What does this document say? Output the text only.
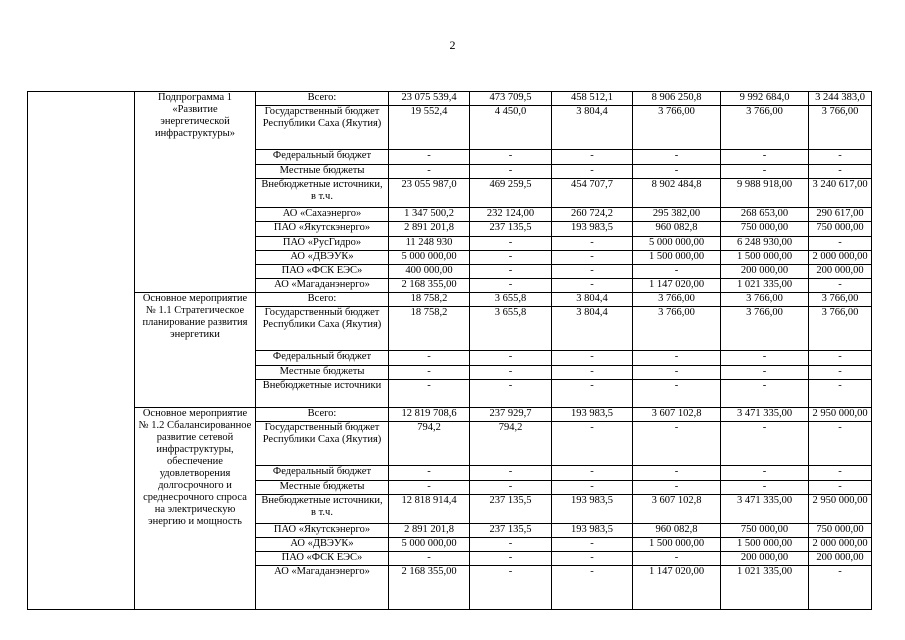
2
	Подпрограмма 1 «Развитие энергетической инфраструктуры»	Всего:	23 075 539,4	473 709,5	458 512,1	8 906 250,8	9 992 684,0	3 244 383,0
		Государственный бюджет Республики Саха (Якутия)	19 552,4	4 450,0	3 804,4	3 766,00	3 766,00	3 766,00
		Федеральный бюджет	-	-	-	-	-	-
		Местные бюджеты	-	-	-	-	-	-
		Внебюджетные источники, в т.ч.	23 055 987,0	469 259,5	454 707,7	8 902 484,8	9 988 918,00	3 240 617,00
		АО «Сахаэнерго»	1 347 500,2	232 124,00	260 724,2	295 382,00	268 653,00	290 617,00
		ПАО «Якутскэнерго»	2 891 201,8	237 135,5	193 983,5	960 082,8	750 000,00	750 000,00
		ПАО «РусГидро»	11 248 930	-	-	5 000 000,00	6 248 930,00	-
		АО «ДВЭУК»	5 000 000,00	-	-	1 500 000,00	1 500 000,00	2 000 000,00
		ПАО «ФСК ЕЭС»	400 000,00	-	-	-	200 000,00	200 000,00
		АО «Магаданэнерго»	2 168 355,00	-	-	1 147 020,00	1 021 335,00	-
	Основное мероприятие № 1.1 Стратегическое планирование развития энергетики	Всего:	18 758,2	3 655,8	3 804,4	3 766,00	3 766,00	3 766,00
		Государственный бюджет Республики Саха (Якутия)	18 758,2	3 655,8	3 804,4	3 766,00	3 766,00	3 766,00
		Федеральный бюджет	-	-	-	-	-	-
		Местные бюджеты	-	-	-	-	-	-
		Внебюджетные источники	-	-	-	-	-	-
	Основное мероприятие № 1.2 Сбалансированное развитие сетевой инфраструктуры, обеспечение удовлетворения долгосрочного и среднесрочного спроса на электрическую энергию и мощность	Всего:	12 819 708,6	237 929,7	193 983,5	3 607 102,8	3 471 335,00	2 950 000,00
		Государственный бюджет Республики Саха (Якутия)	794,2	794,2	-	-	-	-
		Федеральный бюджет	-	-	-	-	-	-
		Местные бюджеты	-	-	-	-	-	-
		Внебюджетные источники, в т.ч.	12 818 914,4	237 135,5	193 983,5	3 607 102,8	3 471 335,00	2 950 000,00
		ПАО «Якутскэнерго»	2 891 201,8	237 135,5	193 983,5	960 082,8	750 000,00	750 000,00
		АО «ДВЭУК»	5 000 000,00	-	-	1 500 000,00	1 500 000,00	2 000 000,00
		ПАО «ФСК ЕЭС»	-	-	-	-	200 000,00	200 000,00
		АО «Магаданэнерго»	2 168 355,00	-	-	1 147 020,00	1 021 335,00	-
